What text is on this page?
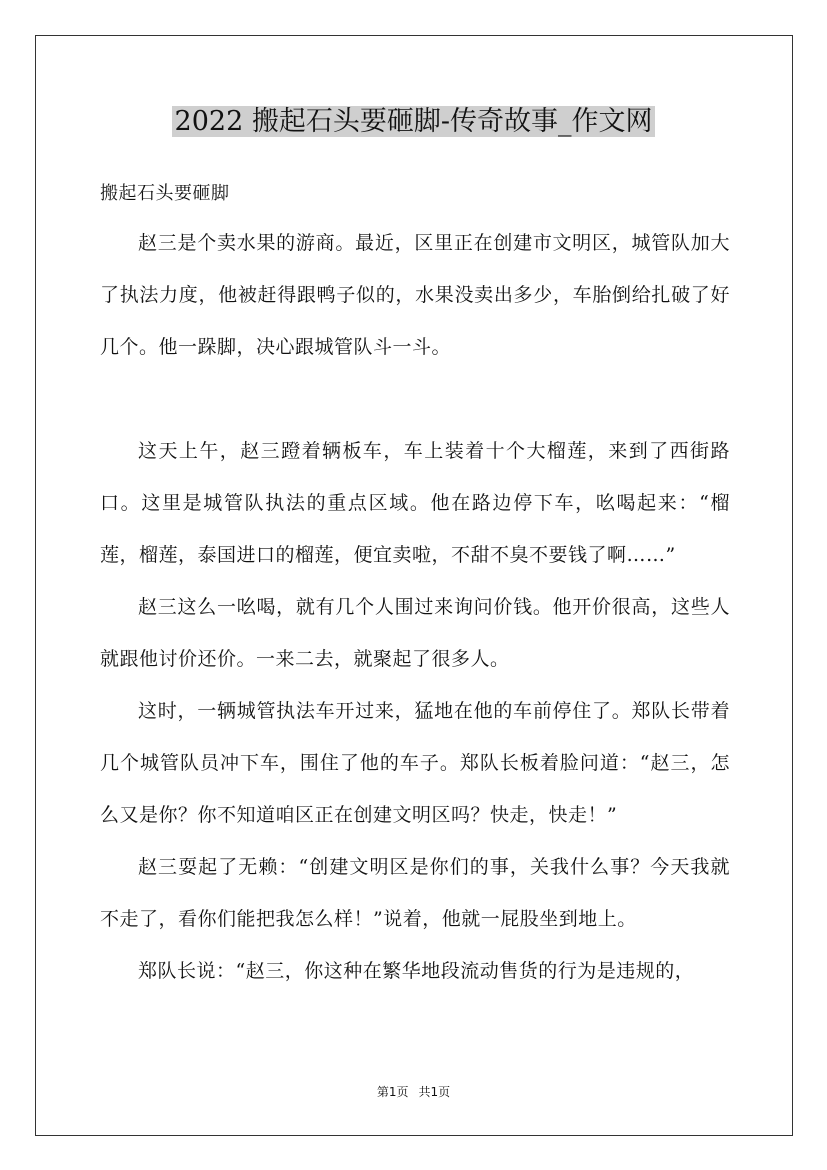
2022 搬起石头要砸脚-传奇故事_作文网

搬起石头要砸脚

赵三是个卖水果的游商。最近，区里正在创建市文明区，城管队加大了执法力度，他被赶得跟鸭子似的，水果没卖出多少，车胎倒给扎破了好几个。他一跺脚，决心跟城管队斗一斗。

这天上午，赵三蹬着辆板车，车上装着十个大榴莲，来到了西街路口。这里是城管队执法的重点区域。他在路边停下车，吆喝起来：“榴莲，榴莲，泰国进口的榴莲，便宜卖啦，不甜不臭不要钱了啊……”

赵三这么一吆喝，就有几个人围过来询问价钱。他开价很高，这些人就跟他讨价还价。一来二去，就聚起了很多人。

这时，一辆城管执法车开过来，猛地在他的车前停住了。郑队长带着几个城管队员冲下车，围住了他的车子。郑队长板着脸问道：“赵三，怎么又是你？你不知道咱区正在创建文明区吗？快走，快走！”

赵三耍起了无赖：“创建文明区是你们的事，关我什么事？今天我就不走了，看你们能把我怎么样！”说着，他就一屁股坐到地上。

郑队长说：“赵三，你这种在繁华地段流动售货的行为是违规的，

第1页 共1页
